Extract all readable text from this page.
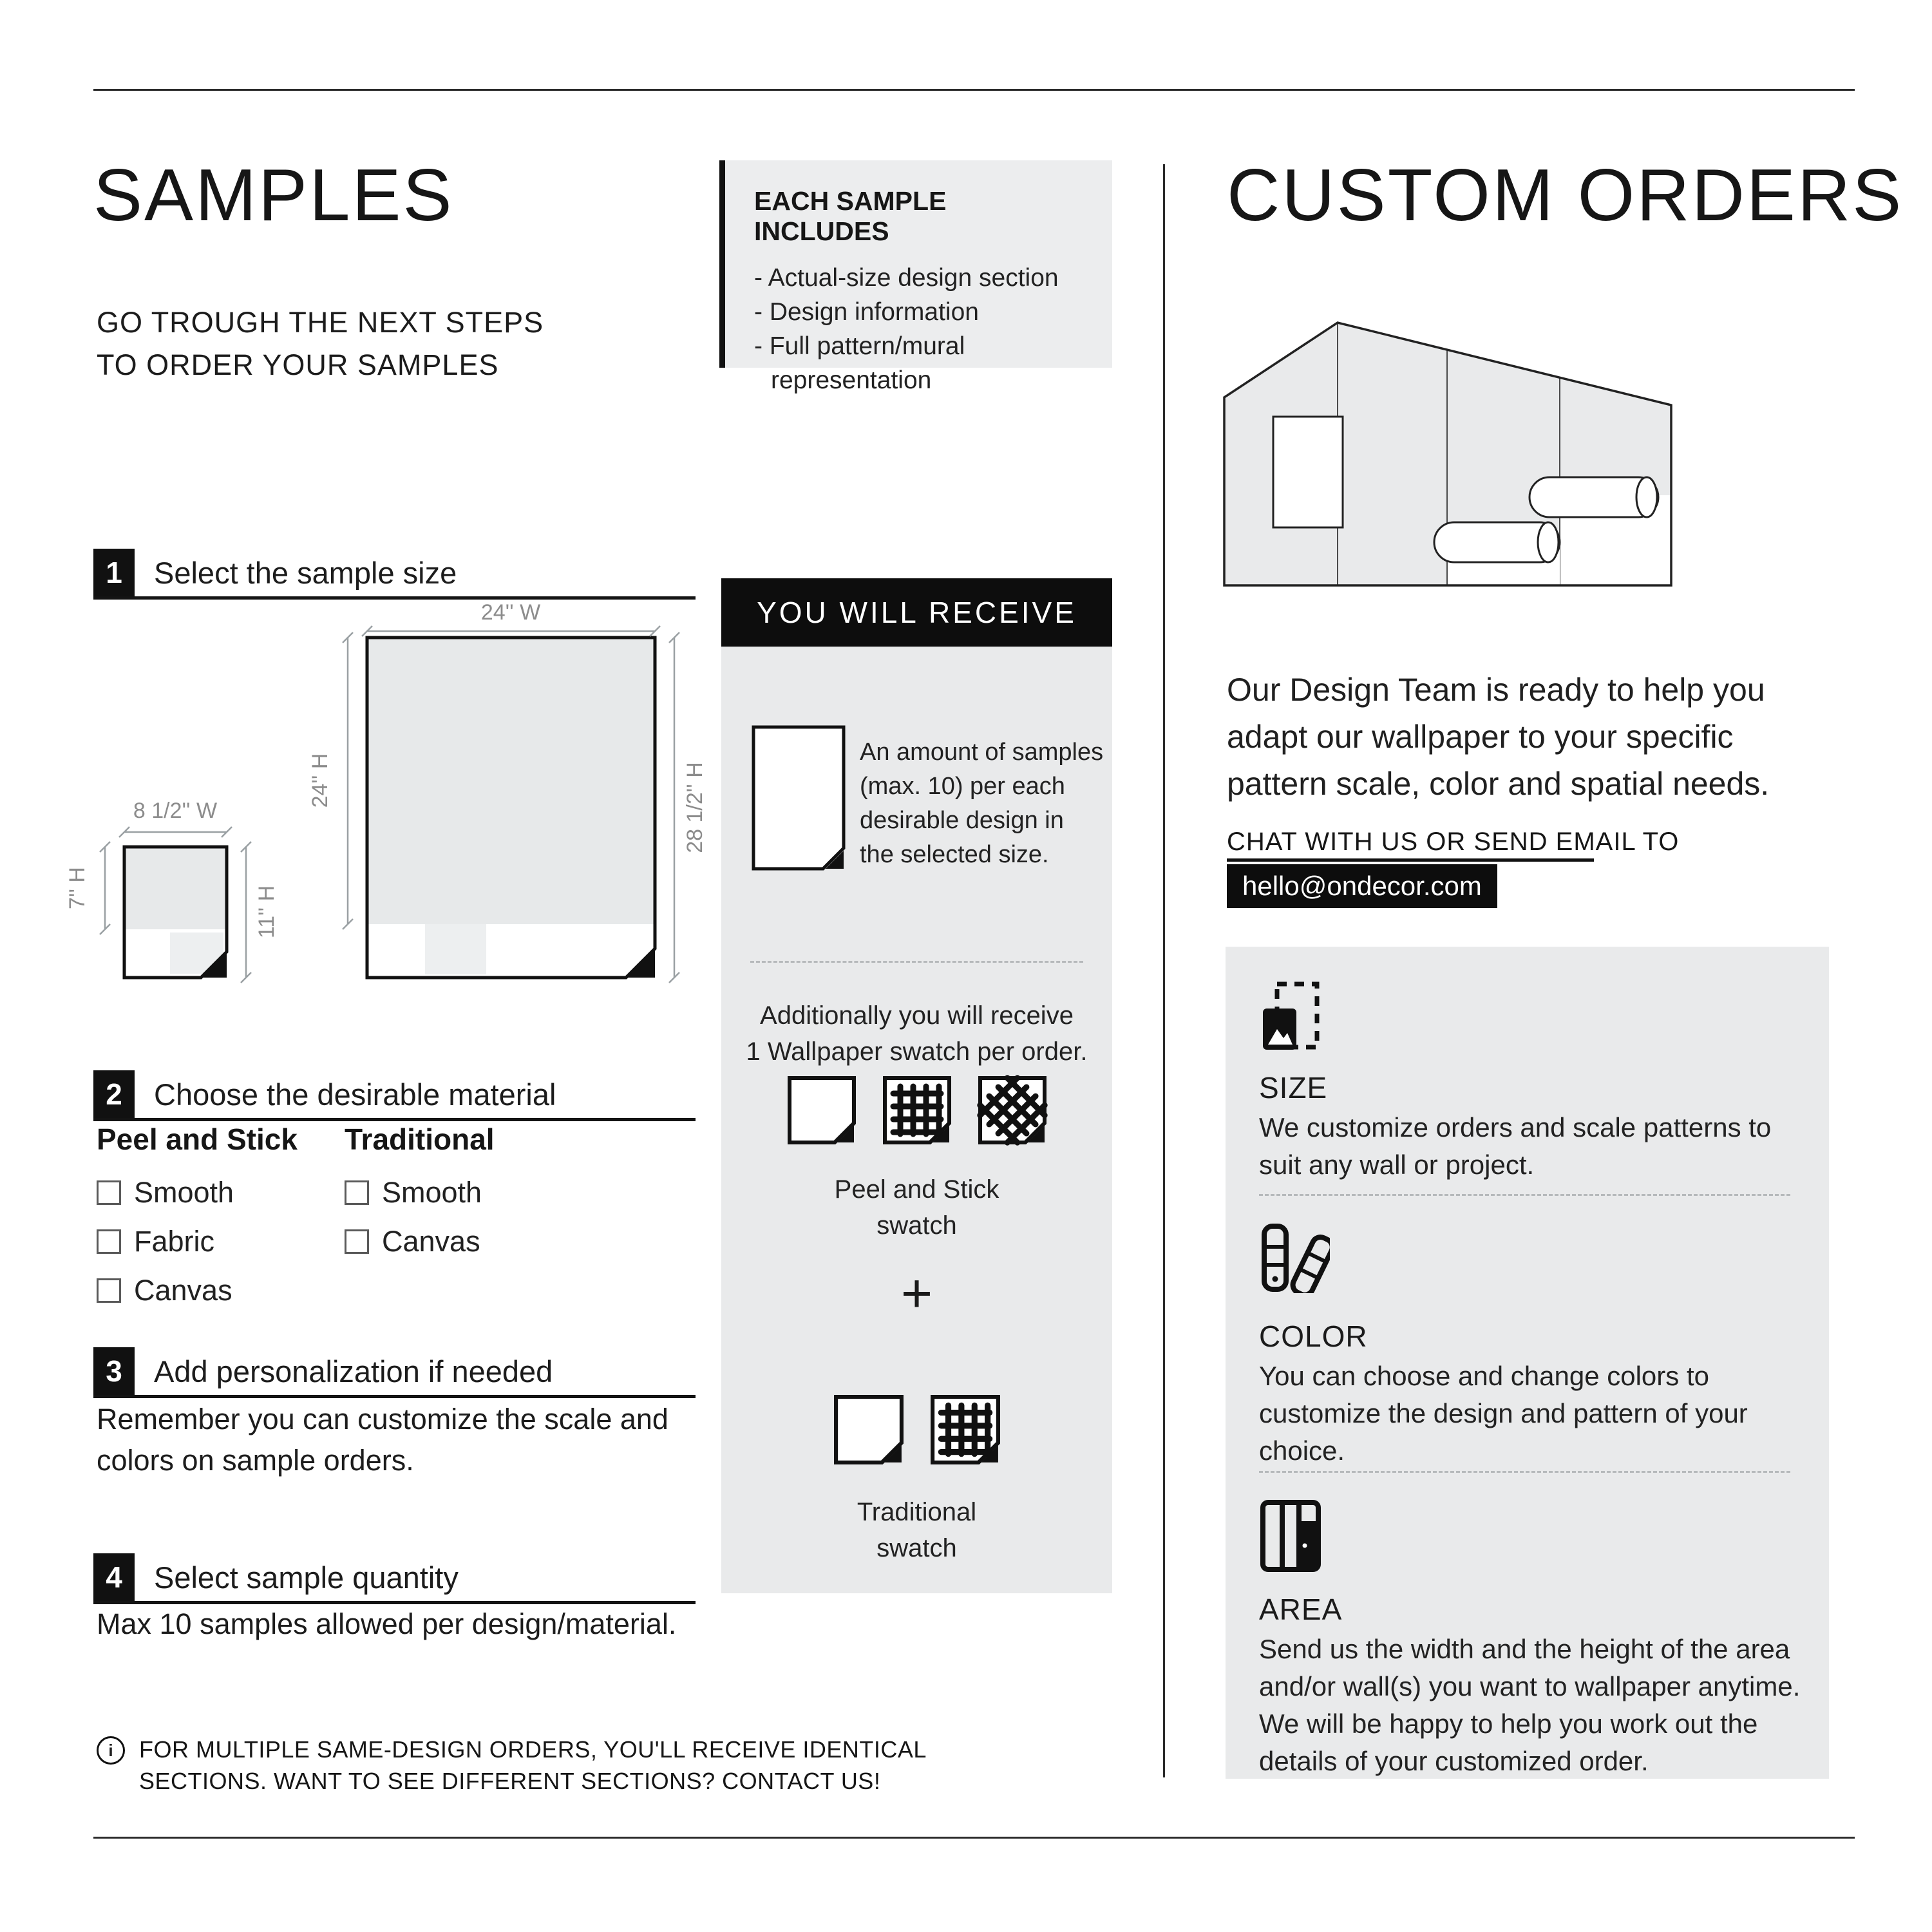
SAMPLES
GO TROUGH THE NEXT STEPS
TO ORDER YOUR SAMPLES
EACH SAMPLE INCLUDES
- Actual-size design section
- Design information
- Full pattern/mural representation
1	Select the sample size
24'' W
24'' H	28 1/2'' H
8 1/2'' W
7'' H	11'' H
2	Choose the desirable material
Peel and Stick
Smooth
Fabric
Canvas
Traditional
Smooth
Canvas
3	Add personalization if needed
Remember you can customize the scale and colors on sample orders.
4	Select sample quantity
Max 10 samples allowed per design/material.
i	FOR MULTIPLE SAME-DESIGN ORDERS, YOU'LL RECEIVE IDENTICAL
SECTIONS. WANT TO SEE DIFFERENT SECTIONS? CONTACT US!
YOU WILL RECEIVE
An amount of samples (max. 10) per each desirable design in the selected size.
Additionally you will receive
1 Wallpaper swatch per order.
Peel and Stick
swatch
+
Traditional
swatch
CUSTOM ORDERS
Our Design Team is ready to help you
adapt our wallpaper to your specific
pattern scale, color and spatial needs.
CHAT WITH US OR SEND EMAIL TO
hello@ondecor.com
SIZE
We customize orders and scale patterns to suit any wall or project.
COLOR
You can choose and change colors to customize the design and pattern of your choice.
AREA
Send us the width and the height of the area and/or wall(s) you want to wallpaper anytime. We will be happy to help you work out the details of your customized order.
